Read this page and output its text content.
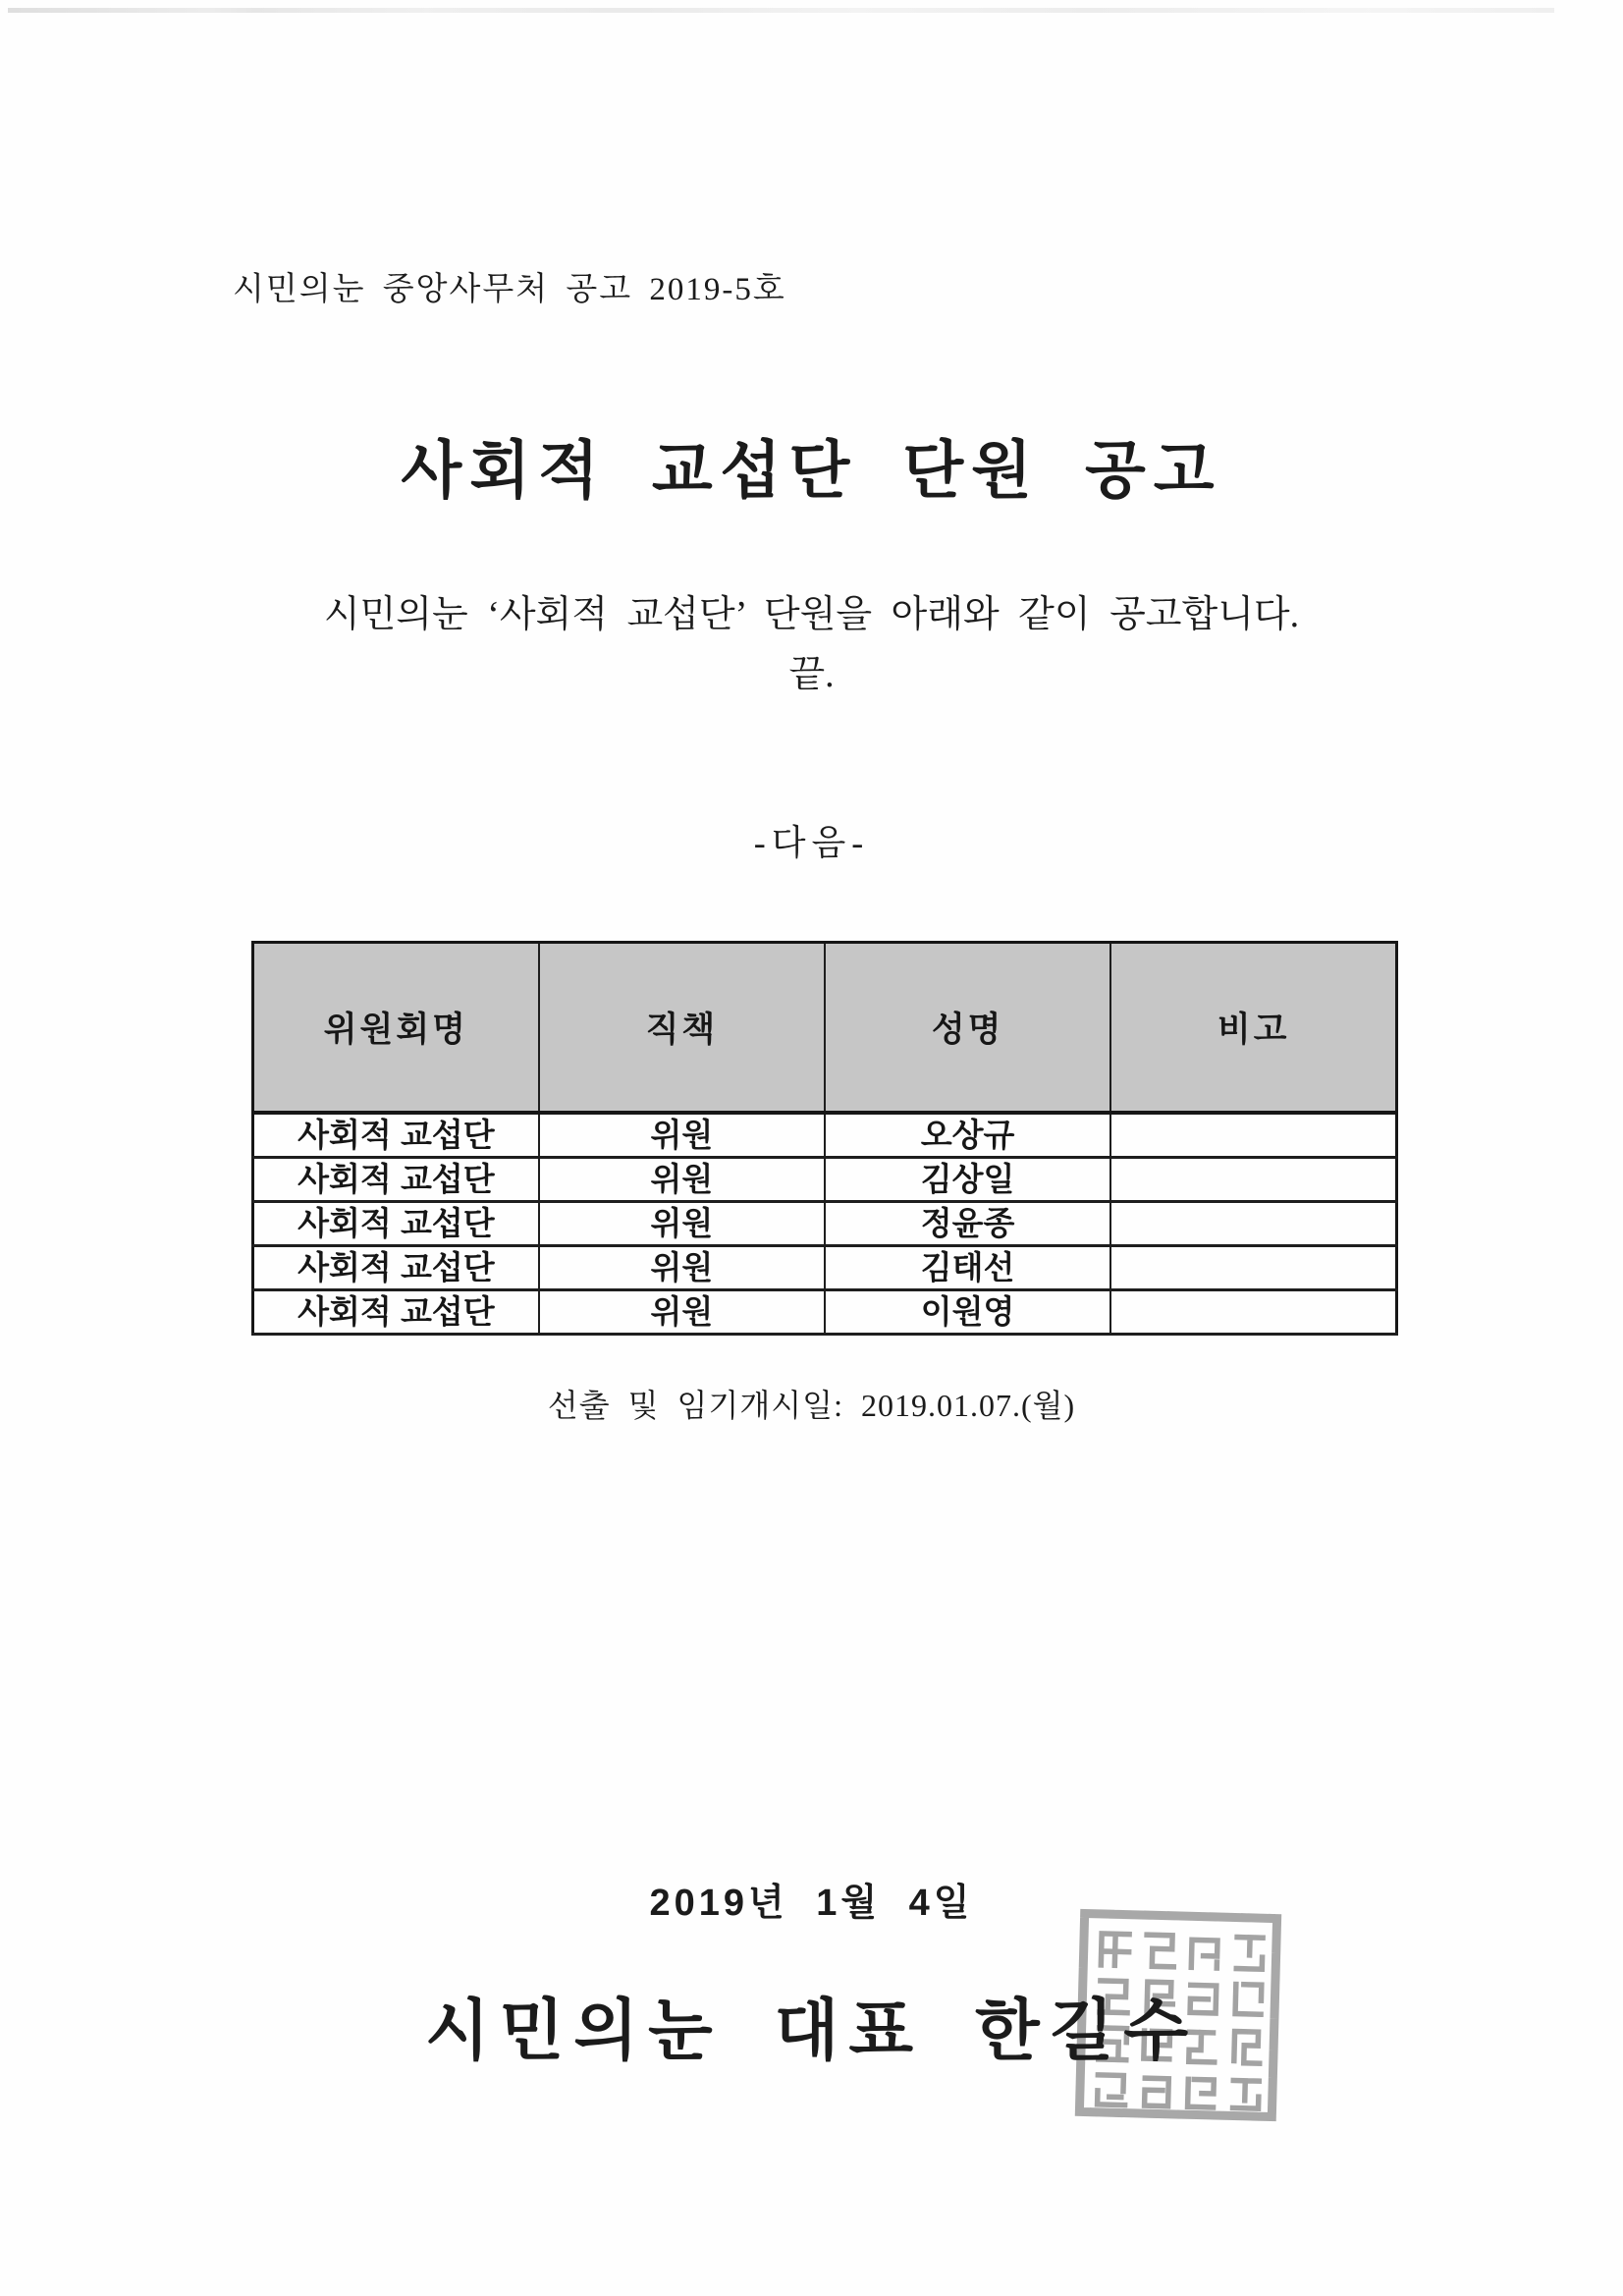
시민의눈 중앙사무처 공고 2019-5호
사회적 교섭단 단원 공고
시민의눈 ‘사회적 교섭단’ 단원을 아래와 같이 공고합니다.
끝.
-다음-
위원회명	직책	성명	비고
사회적 교섭단	위원	오상규	
사회적 교섭단	위원	김상일	
사회적 교섭단	위원	정윤종	
사회적 교섭단	위원	김태선	
사회적 교섭단	위원	이원영	
선출 및 임기개시일: 2019.01.07.(월)
2019년 1월 4일
시민의눈 대표 한길수
